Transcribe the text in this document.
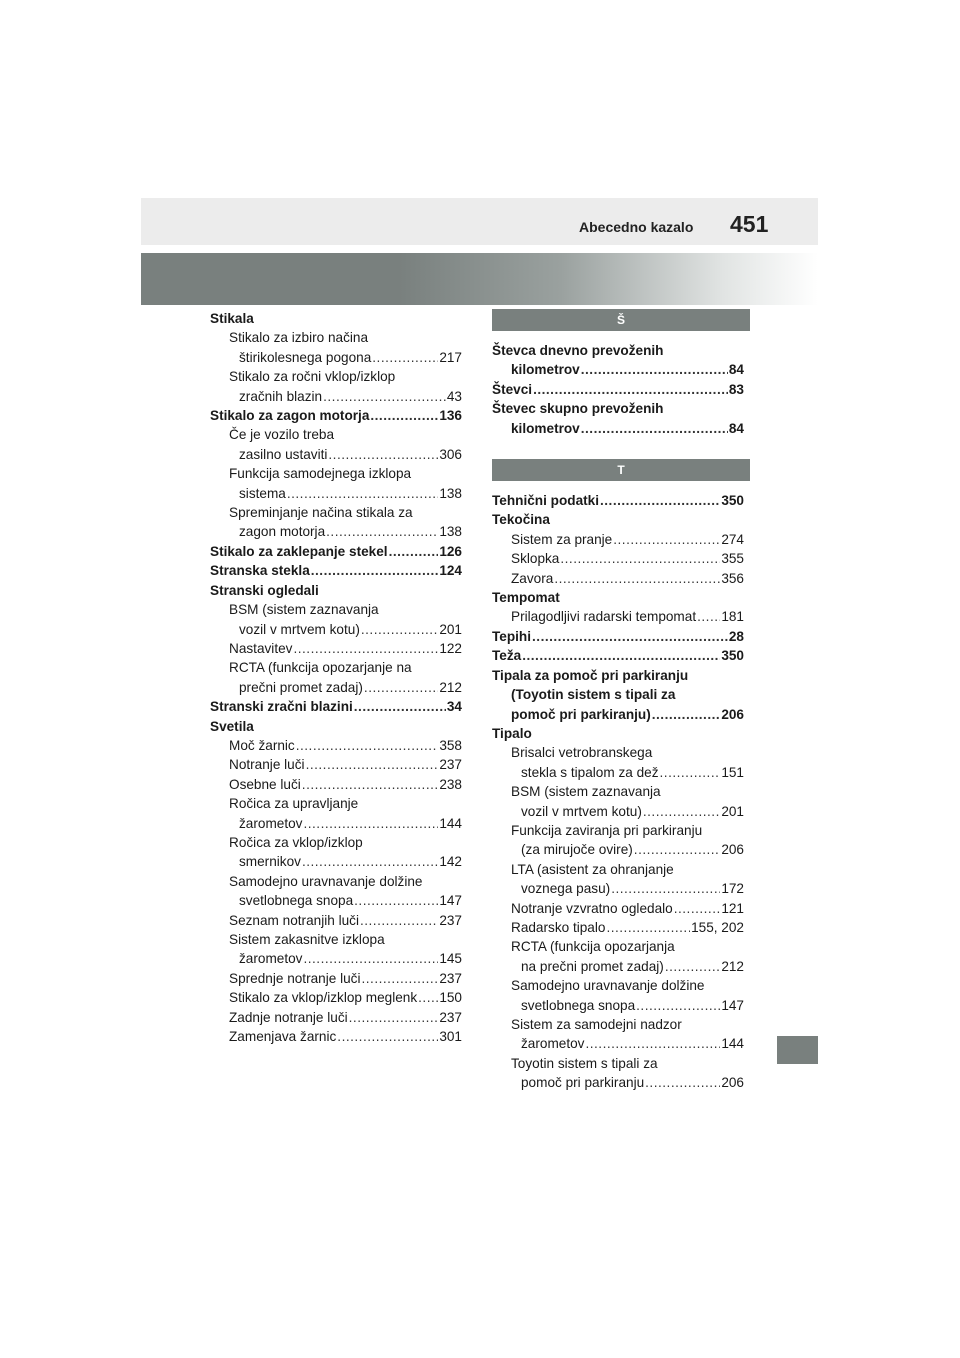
Abecedno kazalo 451
Stikala
Stikalo za izbiro načina
štirikolesnega pogona .....	217
Stikalo za ročni vklop/izklop
zračnih blazin .....	43
Stikalo za zagon motorja .....	136
Če je vozilo treba
zasilno ustaviti .....	306
Funkcija samodejnega izklopa
sistema .....	138
Spreminjanje načina stikala za
zagon motorja .....	138
Stikalo za zaklepanje stekel .....	126
Stranska stekla .....	124
Stranski ogledali
BSM (sistem zaznavanja
vozil v mrtvem kotu) .....	201
Nastavitev .....	122
RCTA (funkcija opozarjanje na
prečni promet zadaj) .....	212
Stranski zračni blazini .....	34
Svetila
Moč žarnic .....	358
Notranje luči .....	237
Osebne luči .....	238
Ročica za upravljanje
žarometov .....	144
Ročica za vklop/izklop
smernikov .....	142
Samodejno uravnavanje dolžine
svetlobnega snopa .....	147
Seznam notranjih luči .....	237
Sistem zakasnitve izklopa
žarometov .....	145
Sprednje notranje luči .....	237
Stikalo za vklop/izklop meglenk ..... 150
Zadnje notranje luči .....	237
Zamenjava žarnic .....	301
Š
Števca dnevno prevoženih
kilometrov .....	84
Števci .....	83
Števec skupno prevoženih
kilometrov .....	84
T
Tehnični podatki .....	350
Tekočina
Sistem za pranje .....	274
Sklopka .....	355
Zavora .....	356
Tempomat
Prilagodljivi radarski tempomat ..... 181
Tepihi .....	28
Teža .....	350
Tipala za pomoč pri parkiranju
(Toyotin sistem s tipali za
pomoč pri parkiranju) .....	206
Tipalo
Brisalci vetrobranskega
stekla s tipalom za dež .....	151
BSM (sistem zaznavanja
vozil v mrtvem kotu) .....	201
Funkcija zaviranja pri parkiranju
(za mirujoče ovire) .....	206
LTA (asistent za ohranjanje
voznega pasu) .....	172
Notranje vzvratno ogledalo .....	121
Radarsko tipalo .....	155, 202
RCTA (funkcija opozarjanja
na prečni promet zadaj) .....	212
Samodejno uravnavanje dolžine
svetlobnega snopa .....	147
Sistem za samodejni nadzor
žarometov .....	144
Toyotin sistem s tipali za
pomoč pri parkiranju .....	206
